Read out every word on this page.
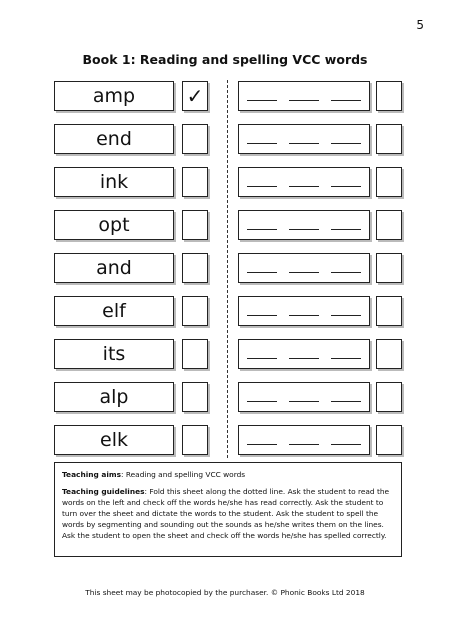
5
Book 1: Reading and spelling VCC words
amp	✓
end
ink
opt
and
elf
its
alp
elk

Teaching aims: Reading and spelling VCC words

Teaching guidelines: Fold this sheet along the dotted line. Ask the student to read the words on the left and check off the words he/she has read correctly. Ask the student to turn over the sheet and dictate the words to the student. Ask the student to spell the words by segmenting and sounding out the sounds as he/she writes them on the lines. Ask the student to open the sheet and check off the words he/she has spelled correctly.

This sheet may be photocopied by the purchaser. © Phonic Books Ltd 2018
